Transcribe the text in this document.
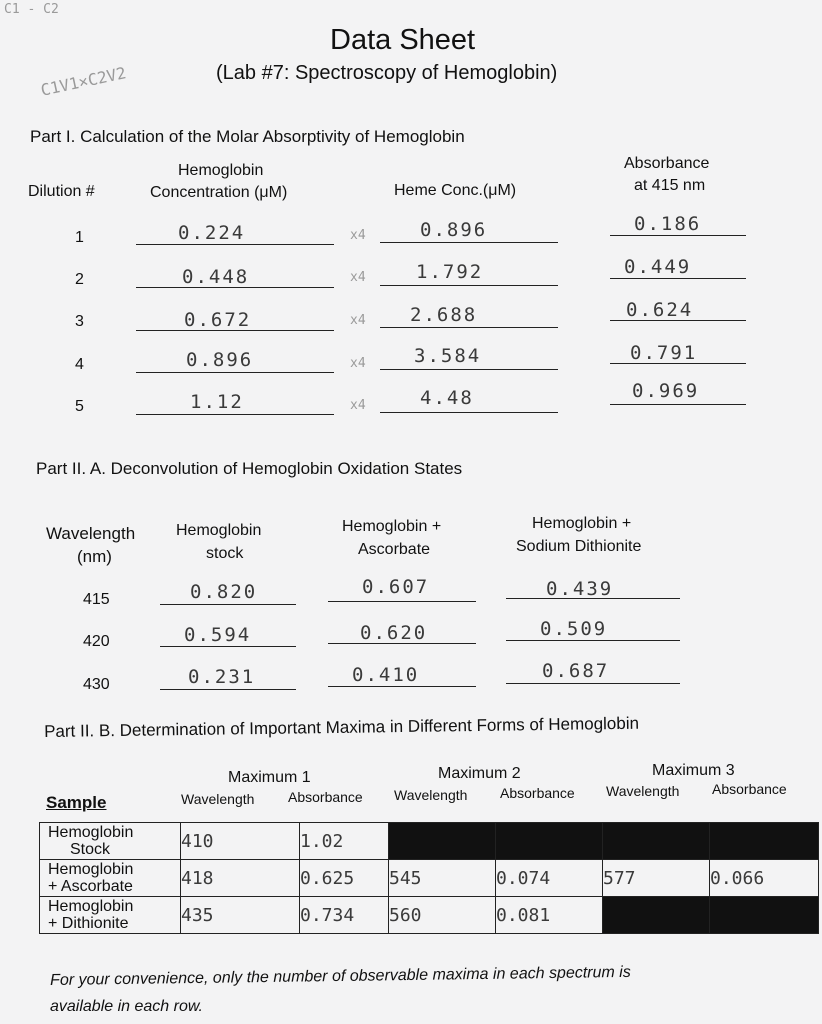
C1 - C2
Data Sheet
(Lab #7: Spectroscopy of Hemoglobin)
C1V1×C2V2
Part I. Calculation of the Molar Absorptivity of Hemoglobin
Dilution #
Hemoglobin
Concentration (μM)	Heme Conc.(μM)
Absorbance
at 415 nm
1	0.224	x4	0.896	0.186
2	0.448	x4	1.792	0.449
3	0.672	x4 2.688	0.624
4	0.896	x4	3.584	0.791
5	1.12	x4	4.48	0.969
Part II. A. Deconvolution of Hemoglobin Oxidation States
Wavelength
(nm)
Hemoglobin
stock
Hemoglobin +
Ascorbate
Hemoglobin +
Sodium Dithionite
415	0.820	0.607	0.439
420	0.594	0.620	0.509
430	0.231	0.410	0.687
Part II. B. Determination of Important Maxima in Different Forms of Hemoglobin
Maximum 1	Maximum 2	Maximum 3
Sample	Wavelength Absorbance Wavelength Absorbance Wavelength Absorbance
Hemoglobin
Stock	410	1.02				

Hemoglobin
+ Ascorbate	418	0.625	545	0.074	577	0.066

Hemoglobin
+ Dithionite	435	0.734	560	0.081		
For your convenience, only the number of observable maxima in each spectrum is
available in each row.
